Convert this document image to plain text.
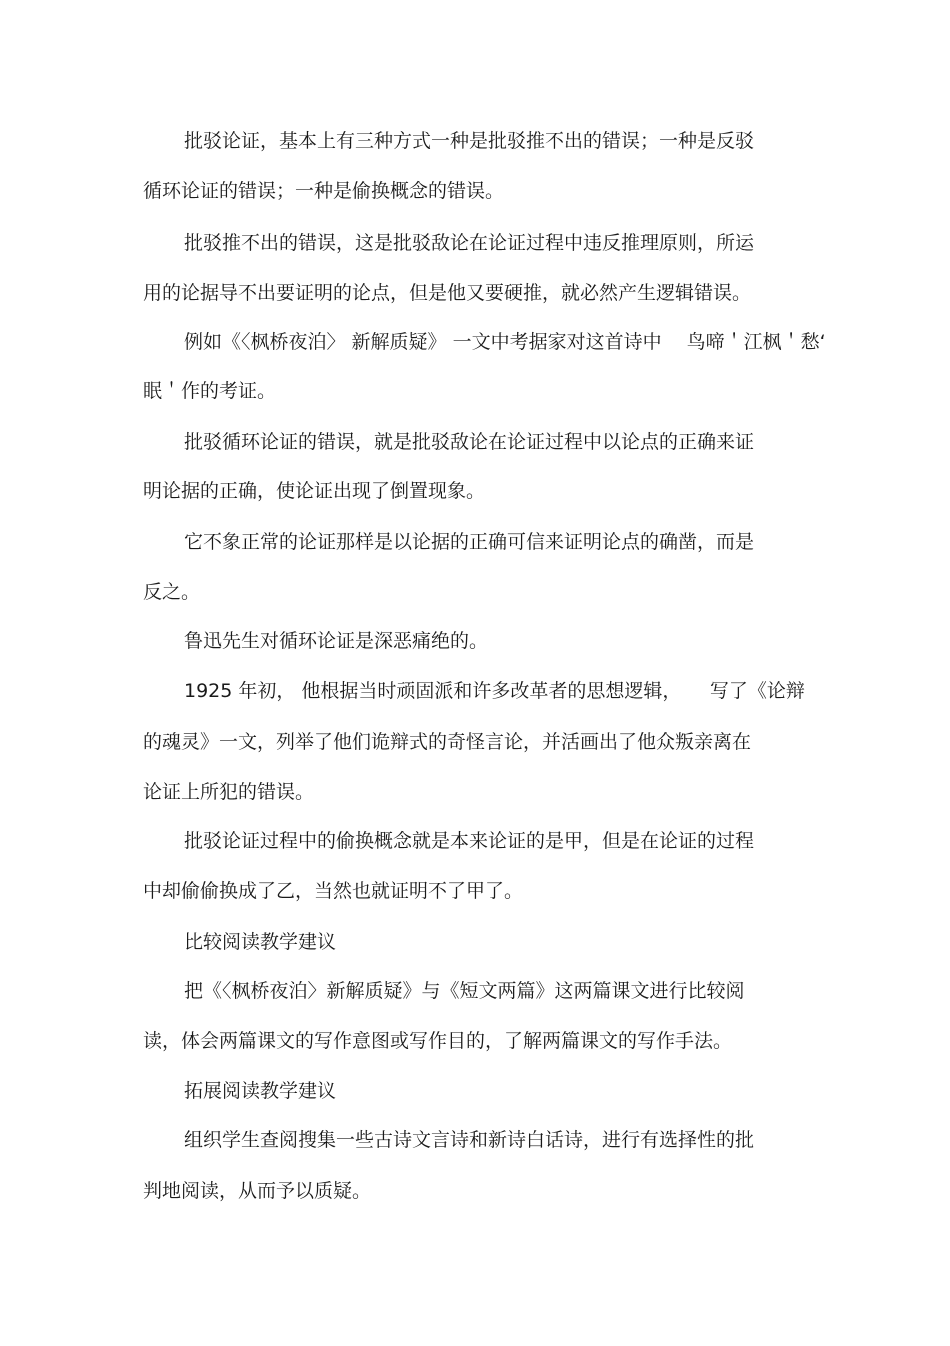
批驳论证，基本上有三种方式一种是批驳推不出的错误；一种是反驳
循环论证的错误；一种是偷换概念的错误。
批驳推不出的错误，这是批驳敌论在论证过程中违反推理原则，所运
用的论据导不出要证明的论点，但是他又要硬推，就必然产生逻辑错误。
例如《〈枫桥夜泊〉 新解质疑》 一文中考据家对这首诗中　 鸟啼＇江枫＇愁‘
眠＇作的考证。
批驳循环论证的错误，就是批驳敌论在论证过程中以论点的正确来证
明论据的正确，使论证出现了倒置现象。
它不象正常的论证那样是以论据的正确可信来证明论点的确凿，而是
反之。
鲁迅先生对循环论证是深恶痛绝的。
1925 年初， 他根据当时顽固派和许多改革者的思想逻辑，　　写了《论辩
的魂灵》一文，列举了他们诡辩式的奇怪言论，并活画出了他众叛亲离在
论证上所犯的错误。
批驳论证过程中的偷换概念就是本来论证的是甲，但是在论证的过程
中却偷偷换成了乙，当然也就证明不了甲了。
比较阅读教学建议
把《〈枫桥夜泊〉新解质疑》与《短文两篇》这两篇课文进行比较阅
读，体会两篇课文的写作意图或写作目的，了解两篇课文的写作手法。
拓展阅读教学建议
组织学生查阅搜集一些古诗文言诗和新诗白话诗，进行有选择性的批
判地阅读，从而予以质疑。
